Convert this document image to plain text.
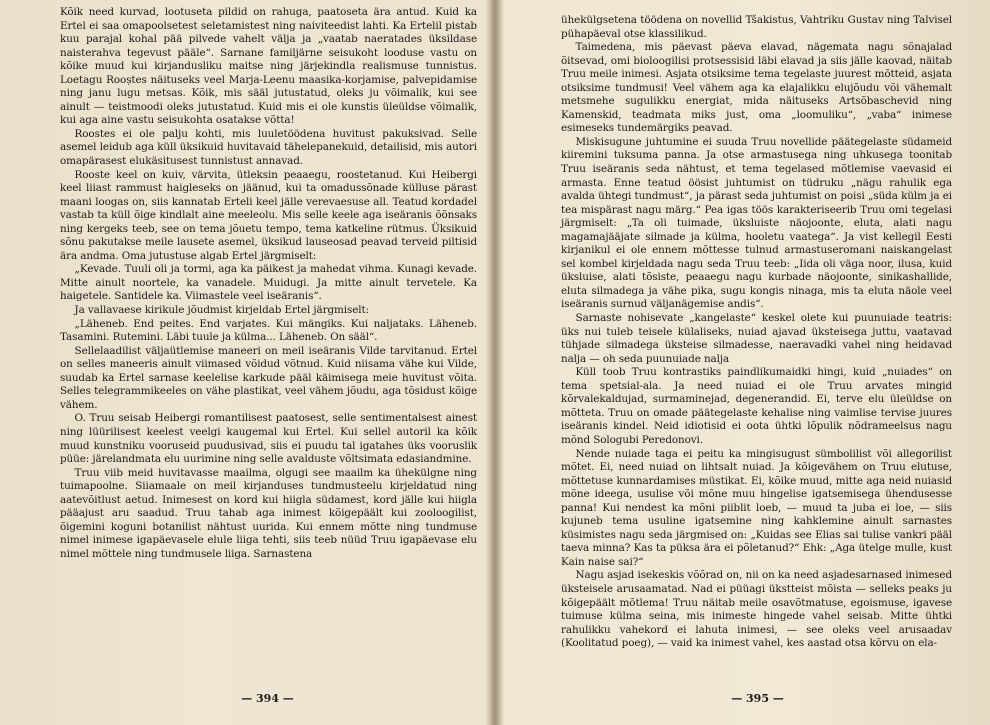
Kõik need kurvad, lootuseta pildid on rahuga, paatoseta ära antud. Kuid ka Ertel ei saa omapoolsetest seletamistest ning naiviteedist lahti. Ka Ertelil pistab kuu parajal kohal pää pilvede vahelt välja ja „vaatab naeratades üksildase naisterahva tegevust pääle“. Sarnane familjärne seisukoht looduse vastu on kõike muud kui kirjandusliku maitse ning järjekindla realismuse tunnistus. Loetagu Rooștes näituseks veel Marja-Leenu maasika-korjamise, palvepidamise ning janu lugu metsas. Kõik, mis sääl jutustatud, oleks ju võimalik, kui see ainult — teistmoodi oleks jutustatud. Kuid mis ei ole kunstis üleüldse võimalik, kui aga aine vastu seisukohta osatakse võtta!

Roostes ei ole palju kohti, mis luuletöödena huvitust pakuksivad. Selle asemel leidub aga küll üksikuid huvitavaid tähelepanekuid, detailisid, mis autori omapärasest elukäsitusest tunnistust annavad.

Rooste keel on kuiv, värvita, ütleksin peaaegu, roostetanud. Kui Heibergi keel liiast rammust haigleseks on jäänud, kui ta omadussõnade külluse pärast maani loogas on, siis kannatab Erteli keel jälle verevaesuse all. Teatud kordadel vastab ta küll õige kindlalt aine meeleolu. Mis selle keele aga iseäranis õõnsaks ning kergeks teeb, see on tema jõuetu tempo, tema katkeline rütmus. Üksikuid sõnu pakutakse meile lausete asemel, üksikud lauseosad peavad terveid piltisid ära andma. Oma jutustuse algab Ertel järgmiselt:

„Kevade. Tuuli oli ja tormi, aga ka päikest ja mahedat vihma. Kunagi kevade. Mitte ainult noortele, ka vanadele. Muidugi. Ja mitte ainult tervetele. Ka haigetele. Santidele ka. Viimastele veel iseäranis“.

Ja vallavaese kirikule jõudmist kirjeldab Ertel järgmiselt:

„Läheneb. End peites. End varjates. Kui mängiks. Kui naljataks. Läheneb. Tasamini. Rutemini. Läbi tuule ja külma... Läheneb. On sääl“.

Sellelaadilist väljaütlemise maneeri on meil iseäranis Vilde tarvitanud. Ertel on selles maneeris ainult viimased võidud võtnud. Kuid niisama vähe kui Vilde, suudab ka Ertel sarnase keelelise karkude pääl käimisega meie huvitust võita. Selles telegrammikeeles on vähe plastikat, veel vähem jõudu, aga tõsidust kõige vähem.

O. Truu seisab Heibergi romantilisest paatosest, selle sentimentalsest ainest ning lüürilisest keelest veelgi kaugemal kui Ertel. Kui sellel autoril ka kõik muud kunstniku vooruseid puudusivad, siis ei puudu tal igatahes üks vooruslik püüe: järelandmata elu uurimine ning selle avalduste võltsimata edasiandmine.

Truu viib meid huvitavasse maailma, olgugi see maailm ka ühekülgne ning tuimapoolne. Siiamaale on meil kirjanduses tundmusteelu kirjeldatud ning aatevõitlust aetud. Inimesest on kord kui hiigla südamest, kord jälle kui hiigla pääajust aru saadud. Truu tahab aga inimest kõigepäält kui zooloogilist, õigemini koguni botanilist nähtust uurida. Kui ennem mõtte ning tundmuse nimel inimese igapäevasele elule liiga tehti, siis teeb nüüd Truu igapäevase elu nimel mõttele ning tundmusele liiga. Sarnastena

— 394 —

ühekülgsetena töödena on novellid Tšakistus, Vahtriku Gustav ning Talvisel pühapäeval otse klassilikud.

Taimedena, mis päevast päeva elavad, nägemata nagu sõnajalad õitsevad, omi bioloogilisi protsessisid läbi elavad ja siis jälle kaovad, näitab Truu meile inimesi. Asjata otsiksime tema tegelaste juurest mõtteid, asjata otsiksime tundmusi! Veel vähem aga ka elajalikku elujõudu või vähemalt metsmehe sugulikku energiat, mida näituseks Artsõbaschevid ning Kamenskid, teadmata miks just, oma „loomuliku“, „vaba“ inimese esimeseks tundemärgiks peavad.

Miskisugune juhtumine ei suuda Truu novellide päätegelaste südameid kiiremini tuksuma panna. Ja otse armastusega ning uhkusega toonitab Truu iseäranis seda nähtust, et tema tegelased mõtlemise vaevasid ei armasta. Enne teatud öösist juhtumist on tüdruku „nägu rahulik ega avalda ühtegi tundmust“, ja pärast seda juhtumist on poisi „süda külm ja ei tea mispärast nagu märg.“ Pea igas töös karakteriseerib Truu omi tegelasi järgmiselt: „Ta oli tuimade, üksluiste näojoonte, eluta, alati nagu magamajääjate silmade ja külma, hooletu vaatega“. Ja vist kellegil Eesti kirjanikul ei ole ennem mõttesse tulnud armastuseromani naiskangelast sel kombel kirjeldada nagu seda Truu teeb: „Iida oli väga noor, ilusa, kuid üksluise, alati tõsiste, peaaegu nagu kurbade näojoonte, sinikashallide, eluta silmadega ja vähe pika, sugu kongis ninaga, mis ta eluta näole veel iseäranis surnud väljanägemise andis“.

Sarnaste nohisevate „kangelaste“ keskel olete kui puunuiade teatris: üks nui tuleb teisele külaliseks, nuiad ajavad üksteisega juttu, vaatavad tühjade silmadega üksteise silmadesse, naeravadki vahel ning heidavad nalja — oh seda puunuiade nalja

Küll toob Truu kontrastiks paindlikumaidki hingi, kuid „nuiades“ on tema spetsial-ala. Ja need nuiad ei ole Truu arvates mingid kõrvalekaldujad, surmaminejad, degenerandid. Ei, terve elu üleüldse on mõtteta. Truu on omade päätegelaste kehalise ning vaimlise tervise juures iseäranis kindel. Neid idiotisid ei oota ühtki lõpulik nõdrameelsus nagu mõnd Sologubi Peredonovi.

Nende nuiade taga ei peitu ka mingisugust sümbolilist või allegorilist mõtet. Ei, need nuiad on lihtsalt nuiad. Ja kõigevähem on Truu elutuse, mõttetuse kunnardamises müstikat. Ei, kõike muud, mitte aga neid nuiasid mõne ideega, usulise või mõne muu hingelise igatsemisega ühendusesse panna! Kui nendest ka mõni piiblit loeb, — muud ta juba ei loe, — siis kujuneb tema usuline igatsemine ning kahklemine ainult sarnastes küsimistes nagu seda järgmised on: „Kuidas see Elias sai tulise vankri pääl taeva minna? Kas ta püksa ära ei põletanud?“ Ehk: „Aga ütelge mulle, kust Kain naise sai?“

Nagu asjad isekeskis võõrad on, nii on ka need asjadesarnased inimesed üksteisele arusaamatad. Nad ei püüagi ükstteist mõista — selleks peaks ju kõigepäält mõtlema! Truu näitab meile osavõtmatuse, egoismuse, igavese tuimuse külma seina, mis inimeste hingede vahel seisab. Mitte ühtki rahulikku vahekord ei lahuta inimesi, — see oleks veel arusaadav (Koolitatud poeg), — vaid ka inimest vahel, kes aastad otsa kõrvu on ela-

— 395 —
